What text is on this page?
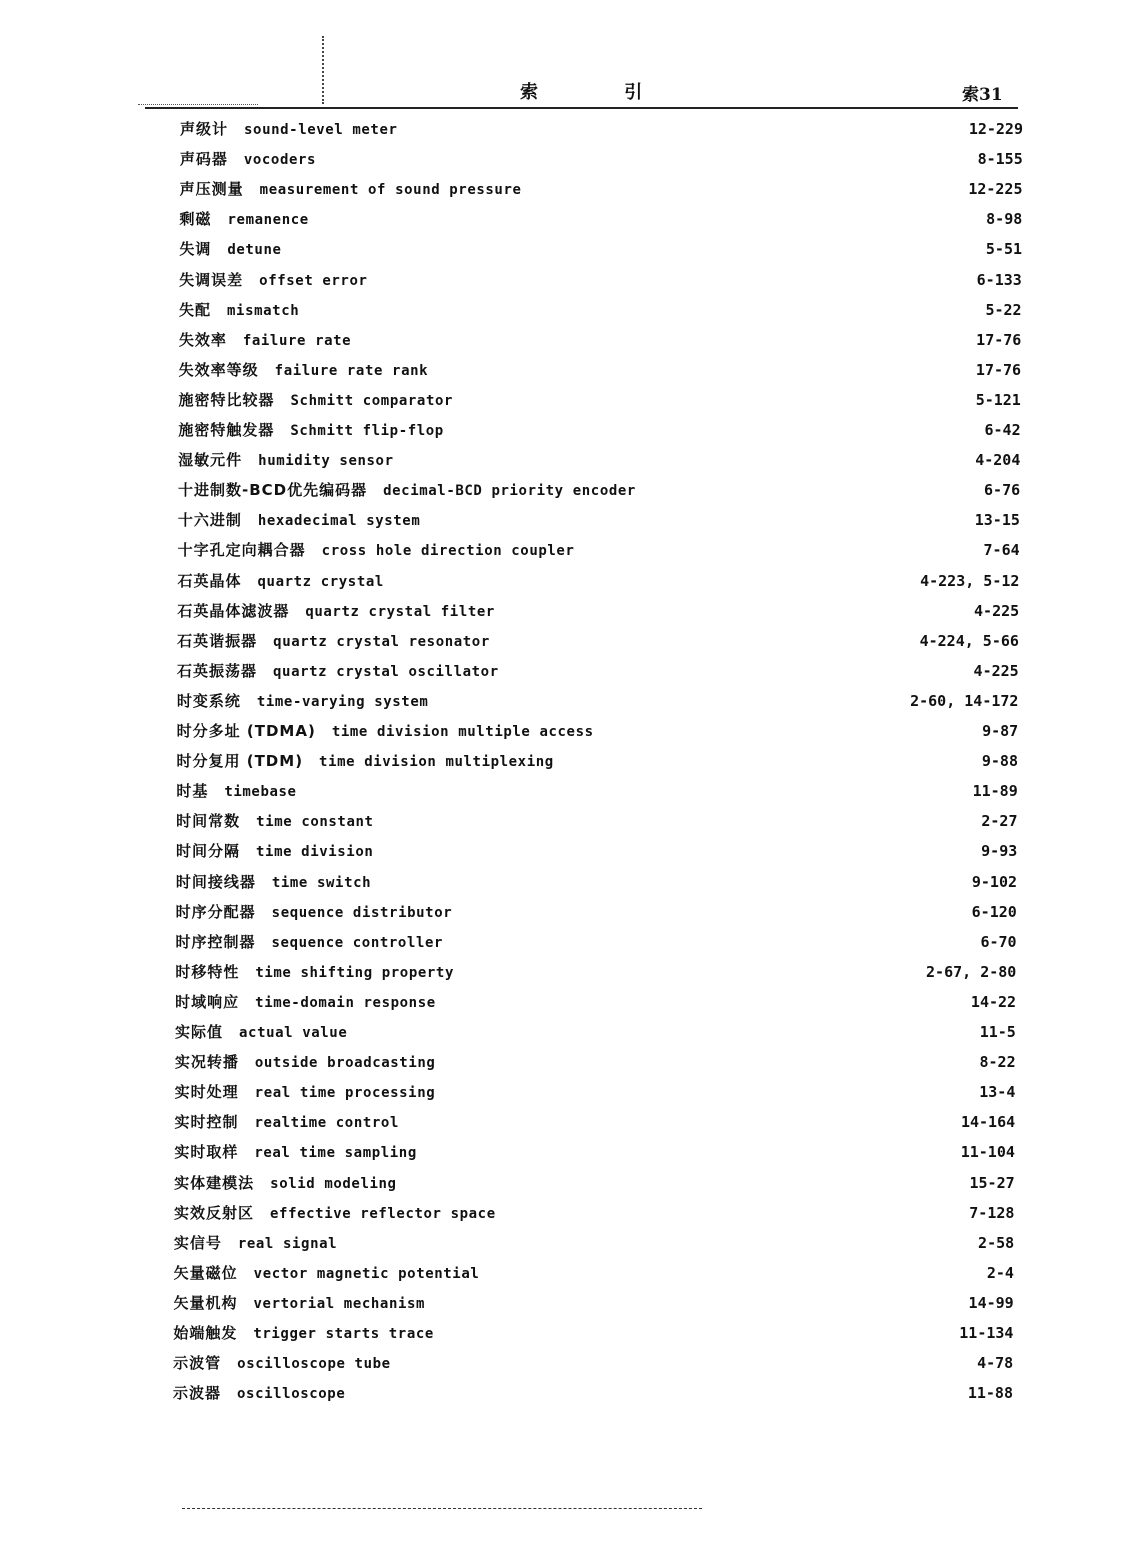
索 引	索31
声级计 sound-level meter	12-229
声码器 vocoders	8-155
声压测量 measurement of sound pressure	12-225
剩磁 remanence	8-98
失调 detune	5-51
失调误差 offset error	6-133
失配 mismatch	5-22
失效率 failure rate	17-76
失效率等级 failure rate rank	17-76
施密特比较器 Schmitt comparator	5-121
施密特触发器 Schmitt flip-flop	6-42
湿敏元件 humidity sensor	4-204
十进制数-BCD优先编码器 decimal-BCD priority encoder	6-76
十六进制 hexadecimal system	13-15
十字孔定向耦合器 cross hole direction coupler	7-64
石英晶体 quartz crystal	4-223, 5-12
石英晶体滤波器 quartz crystal filter	4-225
石英谐振器 quartz crystal resonator	4-224, 5-66
石英振荡器 quartz crystal oscillator	4-225
时变系统 time-varying system	2-60, 14-172
时分多址 (TDMA) time division multiple access	9-87
时分复用 (TDM) time division multiplexing	9-88
时基 timebase	11-89
时间常数 time constant	2-27
时间分隔 time division	9-93
时间接线器 time switch	9-102
时序分配器 sequence distributor	6-120
时序控制器 sequence controller	6-70
时移特性 time shifting property	2-67, 2-80
时域响应 time-domain response	14-22
实际值 actual value	11-5
实况转播 outside broadcasting	8-22
实时处理 real time processing	13-4
实时控制 realtime control	14-164
实时取样 real time sampling	11-104
实体建模法 solid modeling	15-27
实效反射区 effective reflector space	7-128
实信号 real signal	2-58
矢量磁位 vector magnetic potential	2-4
矢量机构 vertorial mechanism	14-99
始端触发 trigger starts trace	11-134
示波管 oscilloscope tube	4-78
示波器 oscilloscope	11-88
